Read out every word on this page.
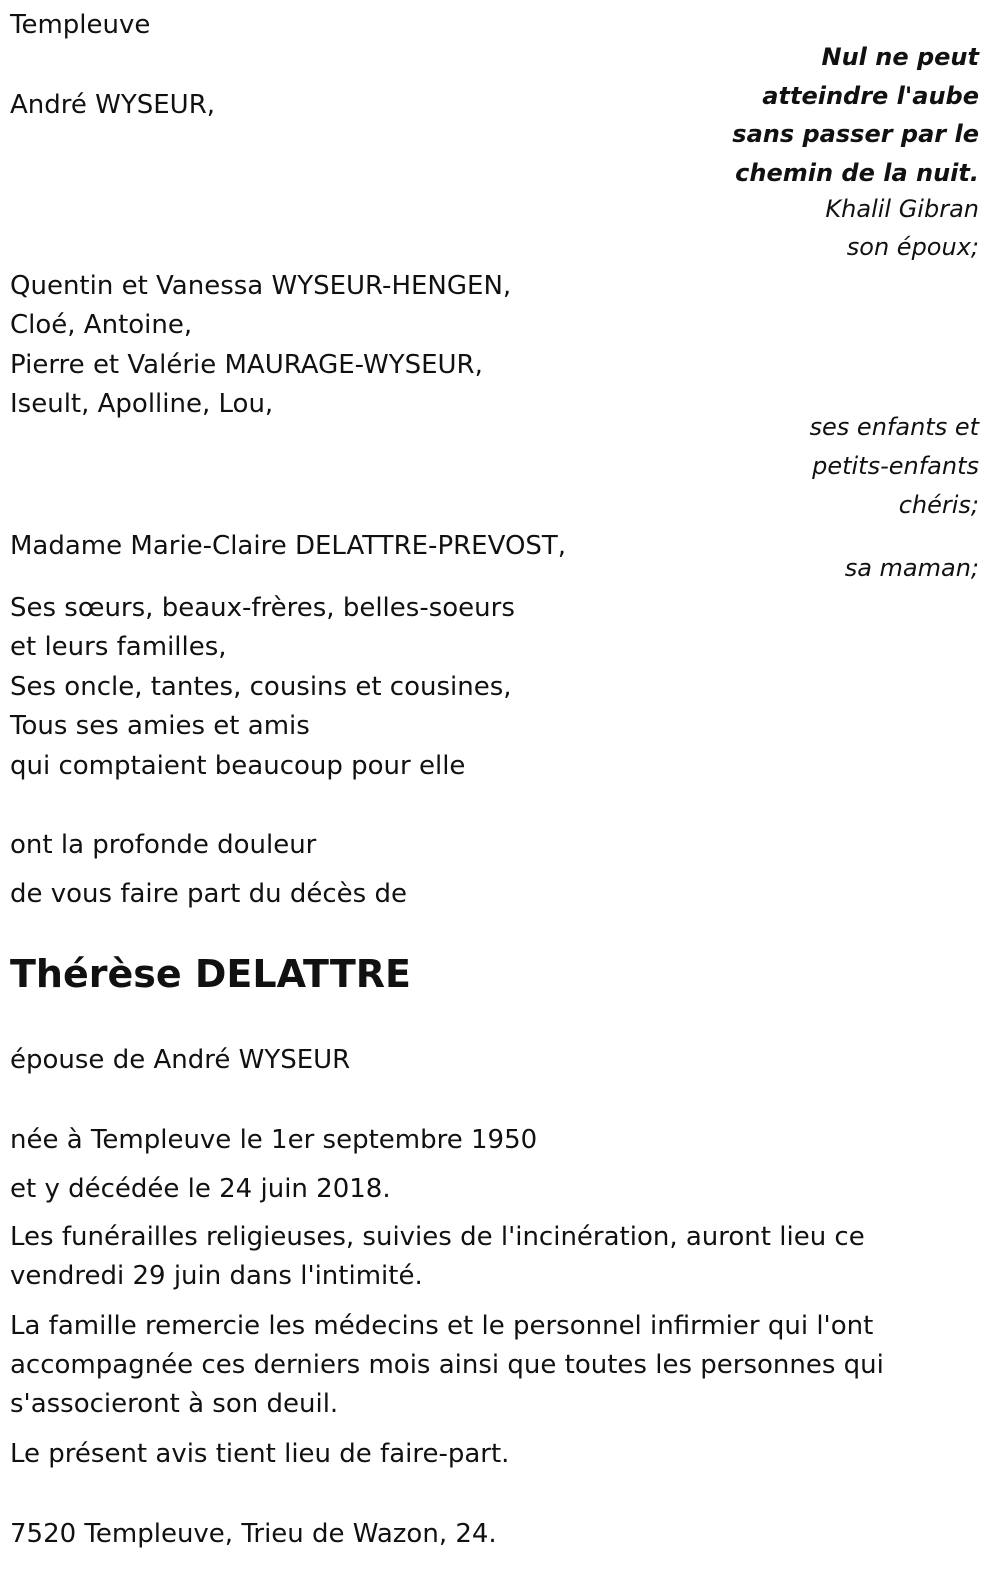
Templeuve
André WYSEUR,
Quentin et Vanessa WYSEUR-HENGEN,
Cloé, Antoine,
Pierre et Valérie MAURAGE-WYSEUR,
Iseult, Apolline, Lou,
Madame Marie-Claire DELATTRE-PREVOST,
Ses sœurs, beaux-frères, belles-soeurs
et leurs familles,
Ses oncle, tantes, cousins et cousines,
Tous ses amies et amis
qui comptaient beaucoup pour elle
ont la profonde douleur
de vous faire part du décès de
Thérèse DELATTRE
épouse de André WYSEUR
née à Templeuve le 1er septembre 1950
et y décédée le 24 juin 2018.
Les funérailles religieuses, suivies de l'incinération, auront lieu ce vendredi 29 juin dans l'intimité.
La famille remercie les médecins et le personnel infirmier qui l'ont accompagnée ces derniers mois ainsi que toutes les personnes qui s'associeront à son deuil.
Le présent avis tient lieu de faire-part.
7520 Templeuve, Trieu de Wazon, 24.
Nul ne peut
atteindre l'aube
sans passer par le
chemin de la nuit.
Khalil Gibran
son époux;
ses enfants et
petits-enfants
chéris;
sa maman;
